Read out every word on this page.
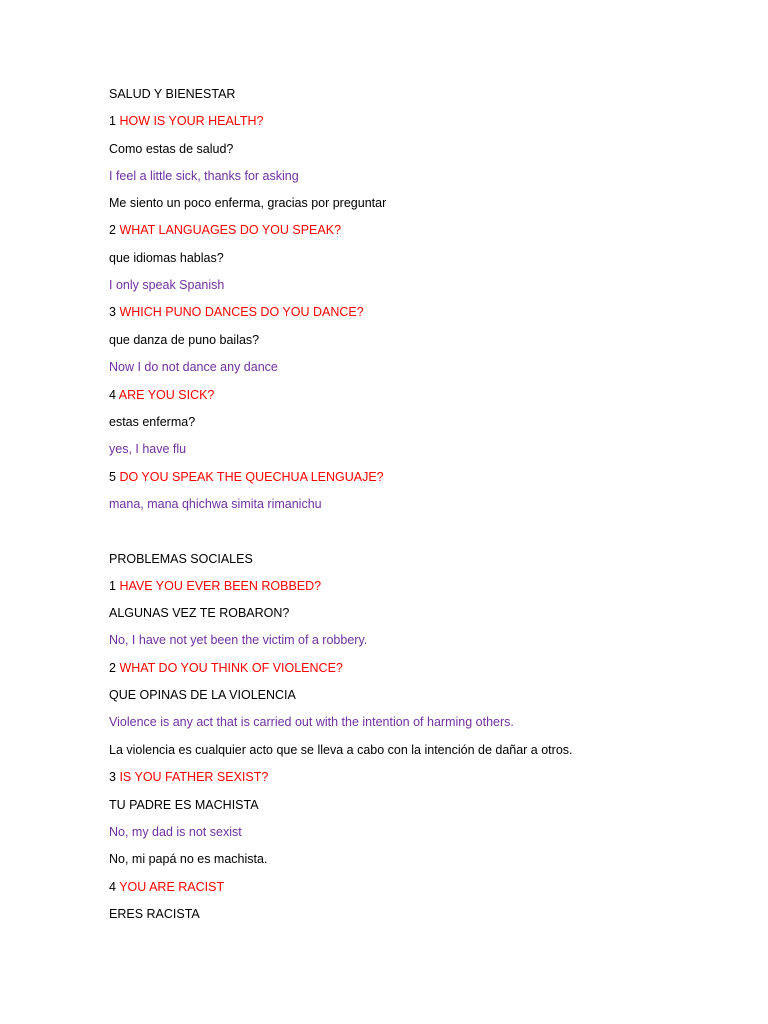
SALUD Y BIENESTAR
1 HOW IS YOUR HEALTH?
Como estas de salud?
I feel a little sick, thanks for asking
Me siento un poco enferma, gracias por preguntar
2 WHAT LANGUAGES DO YOU SPEAK?
que idiomas hablas?
I only speak Spanish
3 WHICH PUNO DANCES DO YOU DANCE?
que danza de puno bailas?
Now I do not dance any dance
4 ARE YOU SICK?
estas enferma?
yes, I have flu
5 DO YOU SPEAK THE QUECHUA LENGUAJE?
mana, mana qhichwa simita rimanichu
PROBLEMAS SOCIALES
1 HAVE YOU EVER BEEN ROBBED?
ALGUNAS VEZ TE ROBARON?
No, I have not yet been the victim of a robbery.
2 WHAT DO YOU THINK OF VIOLENCE?
QUE OPINAS DE LA VIOLENCIA
Violence is any act that is carried out with the intention of harming others.
La violencia es cualquier acto que se lleva a cabo con la intención de dañar a otros.
3 IS YOU FATHER SEXIST?
TU PADRE ES MACHISTA
No, my dad is not sexist
No, mi papá no es machista.
4 YOU ARE RACIST
ERES RACISTA
